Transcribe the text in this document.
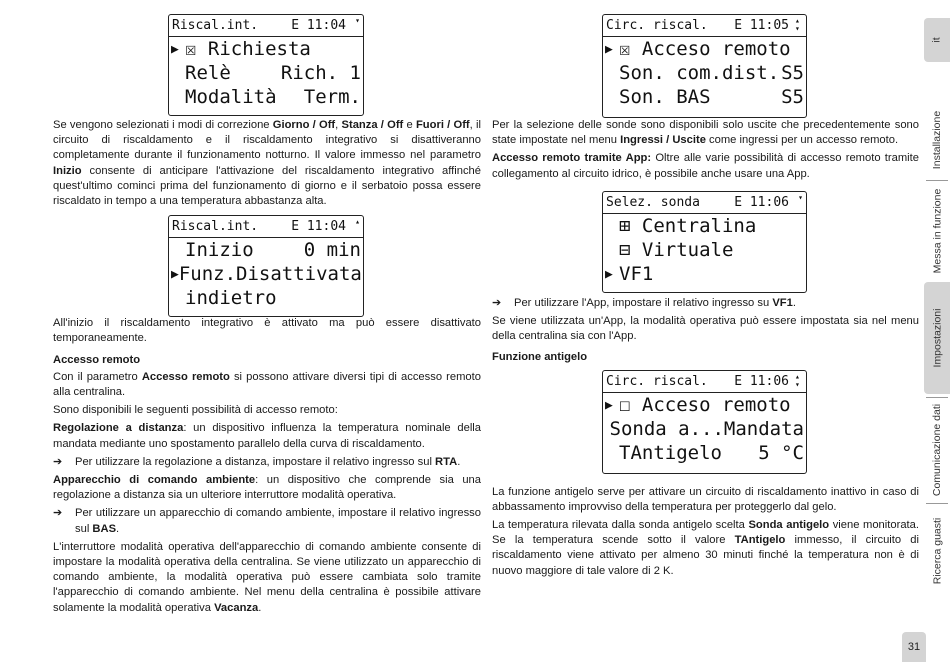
Riscal.int.	E 11:04 ▾
▶ ☒ Richiesta
Relè	Rich. 1
Modalità	Term.
Riscal.int.	E 11:04 ▴
Inizio	0 min
▶ Funz. Disattivata
indietro
Circ. riscal.	E 11:05 ▴▾
▶ ☒ Acceso remoto
Son. com.dist. S5
Son. BAS	S5
Selez. sonda	E 11:06 ▾
⊞ Centralina
⊟ Virtuale
▶ VF1
Circ. riscal.	E 11:06 ▴▾
▶ ☐ Acceso remoto
Sonda a... Mandata
TAntigelo	5 °C

Se vengono selezionati i modi di correzione Giorno / Off, Stanza / Off e Fuori / Off, il circuito di riscaldamento e il riscaldamento integrativo si disattiveranno completamente durante il funzionamento notturno. Il valore immesso nel parametro Inizio consente di anticipare l'attivazione del riscaldamento integrativo affinché quest'ultimo cominci prima del funzionamento di giorno e il serbatoio possa essere riscaldato in tempo a una temperatura abbastanza alta.

All'inizio il riscaldamento integrativo è attivato ma può essere disattivato temporaneamente.

Accesso remoto

Con il parametro Accesso remoto si possono attivare diversi tipi di accesso remoto alla centralina.

Sono disponibili le seguenti possibilità di accesso remoto:

Regolazione a distanza: un dispositivo influenza la temperatura nominale della mandata mediante uno spostamento parallelo della curva di riscaldamento.

➔ Per utilizzare la regolazione a distanza, impostare il relativo ingresso sul RTA.

Apparecchio di comando ambiente: un dispositivo che comprende sia una regolazione a distanza sia un ulteriore interruttore modalità operativa.

➔ Per utilizzare un apparecchio di comando ambiente, impostare il relativo ingresso sul BAS.

L'interruttore modalità operativa dell'apparecchio di comando ambiente consente di impostare la modalità operativa della centralina. Se viene utilizzato un apparecchio di comando ambiente, la modalità operativa può essere cambiata solo tramite l'apparecchio di comando ambiente. Nel menu della centralina è possibile attivare solamente la modalità operativa Vacanza.

Per la selezione delle sonde sono disponibili solo uscite che precedentemente sono state impostate nel menu Ingressi / Uscite come ingressi per un accesso remoto.

Accesso remoto tramite App: Oltre alle varie possibilità di accesso remoto tramite collegamento al circuito idrico, è possibile anche usare una App.

➔ Per utilizzare l'App, impostare il relativo ingresso su VF1.

Se viene utilizzata un'App, la modalità operativa può essere impostata sia nel menu della centralina sia con l'App.

Funzione antigelo

La funzione antigelo serve per attivare un circuito di riscaldamento inattivo in caso di abbassamento improvviso della temperatura per proteggerlo dal gelo.

La temperatura rilevata dalla sonda antigelo scelta Sonda antigelo viene monitorata. Se la temperatura scende sotto il valore TAntigelo immesso, il circuito di riscaldamento viene attivato per almeno 30 minuti finché la temperatura non è di nuovo maggiore di tale valore di 2 K.

it
Installazione
Messa in funzione
Impostazioni
Comunicazione dati
Ricerca guasti
31
